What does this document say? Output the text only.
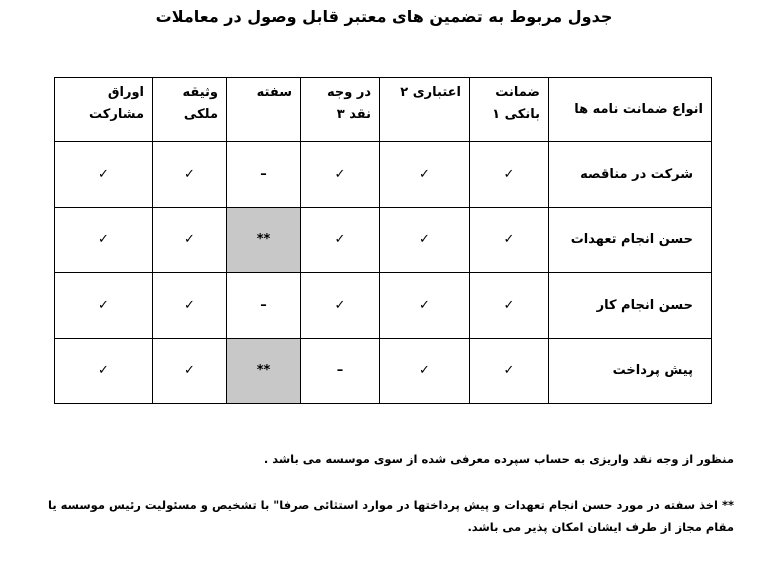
جدول مربوط به تضمین های معتبر قابل وصول در معاملات
انواع ضمانت نامه ها	ضمانت بانکی ۱	اعتباری ۲	در وجه نقد ۳	سفته	وثیقه ملکی	اوراق مشارکت
شرکت در مناقصه	✓	✓	✓	–	✓	✓
حسن انجام تعهدات	✓	✓	✓	**	✓	✓
حسن انجام کار	✓	✓	✓	–	✓	✓
پیش پرداخت	✓	✓	–	**	✓	✓
منظور از وجه نقد واریزی به حساب سپرده معرفی شده از سوی موسسه می باشد .
** اخذ سفته در مورد حسن انجام تعهدات و پیش پرداختها در موارد استثائی صرفا" با تشخیص و مسئولیت رئیس موسسه یا
مقام مجاز از طرف ایشان امکان پذیر می باشد.
